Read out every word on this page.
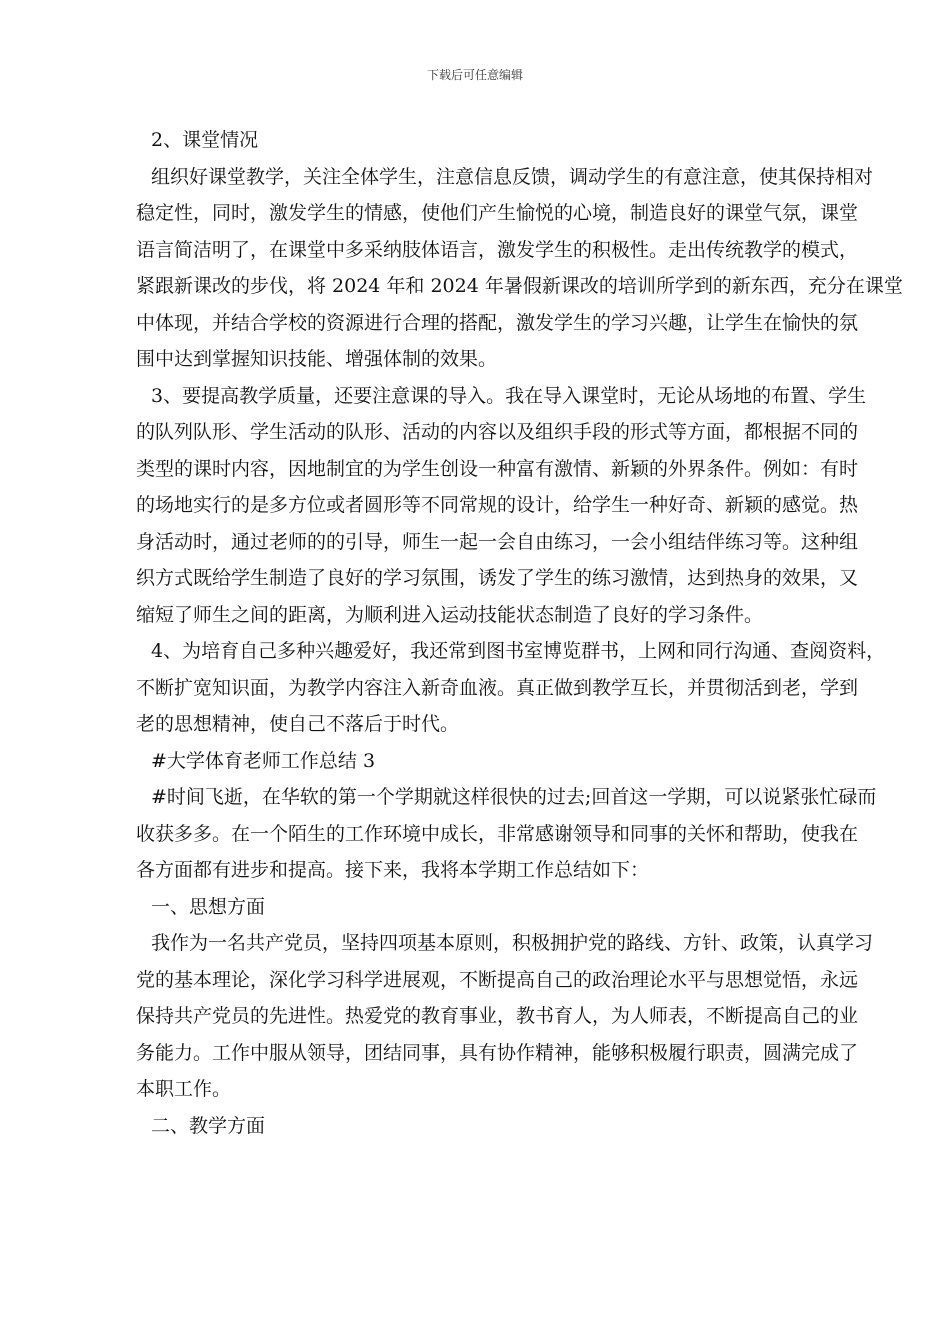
下载后可任意编辑
2、课堂情况
组织好课堂教学，关注全体学生，注意信息反馈，调动学生的有意注意，使其保持相对
稳定性，同时，激发学生的情感，使他们产生愉悦的心境，制造良好的课堂气氛，课堂
语言简洁明了，在课堂中多采纳肢体语言，激发学生的积极性。走出传统教学的模式，
紧跟新课改的步伐，将 2024 年和 2024 年暑假新课改的培训所学到的新东西，充分在课堂
中体现，并结合学校的资源进行合理的搭配，激发学生的学习兴趣，让学生在愉快的氛
围中达到掌握知识技能、增强体制的效果。
3、要提高教学质量，还要注意课的导入。我在导入课堂时，无论从场地的布置、学生
的队列队形、学生活动的队形、活动的内容以及组织手段的形式等方面，都根据不同的
类型的课时内容，因地制宜的为学生创设一种富有激情、新颖的外界条件。例如：有时
的场地实行的是多方位或者圆形等不同常规的设计，给学生一种好奇、新颖的感觉。热
身活动时，通过老师的的引导，师生一起一会自由练习，一会小组结伴练习等。这种组
织方式既给学生制造了良好的学习氛围，诱发了学生的练习激情，达到热身的效果，又
缩短了师生之间的距离，为顺利进入运动技能状态制造了良好的学习条件。
4、为培育自己多种兴趣爱好，我还常到图书室博览群书，上网和同行沟通、查阅资料，
不断扩宽知识面，为教学内容注入新奇血液。真正做到教学互长，并贯彻活到老，学到
老的思想精神，使自己不落后于时代。
#大学体育老师工作总结 3
#时间飞逝，在华软的第一个学期就这样很快的过去;回首这一学期，可以说紧张忙碌而
收获多多。在一个陌生的工作环境中成长，非常感谢领导和同事的关怀和帮助，使我在
各方面都有进步和提高。接下来，我将本学期工作总结如下：
一、思想方面
我作为一名共产党员，坚持四项基本原则，积极拥护党的路线、方针、政策，认真学习
党的基本理论，深化学习科学进展观，不断提高自己的政治理论水平与思想觉悟，永远
保持共产党员的先进性。热爱党的教育事业，教书育人，为人师表，不断提高自己的业
务能力。工作中服从领导，团结同事，具有协作精神，能够积极履行职责，圆满完成了
本职工作。
二、教学方面
